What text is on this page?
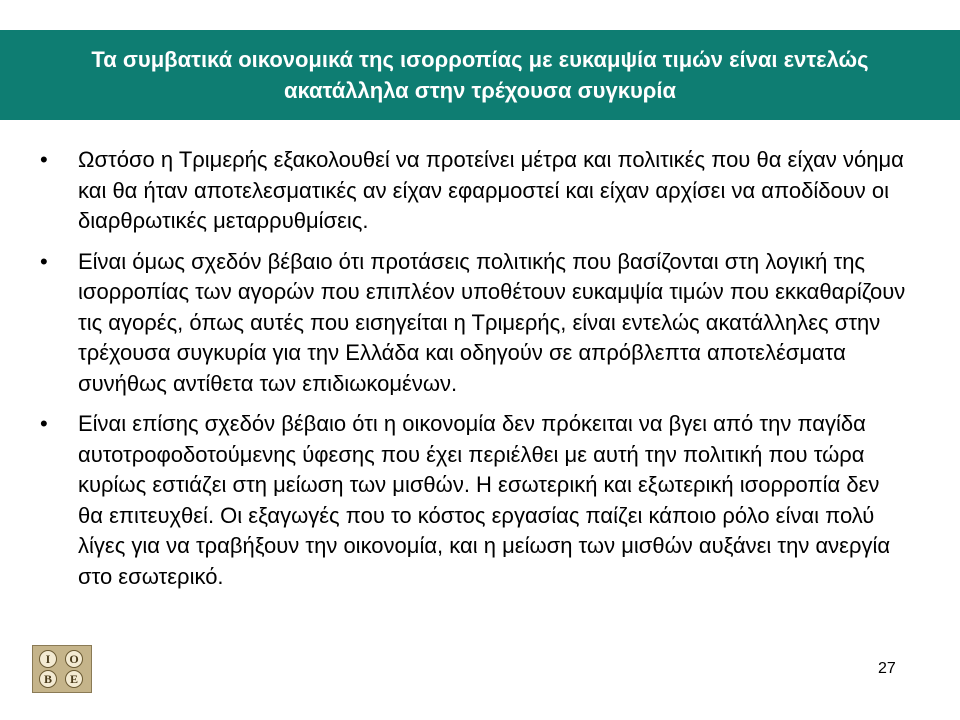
Τα συμβατικά οικονομικά της ισορροπίας με ευκαμψία τιμών είναι εντελώς ακατάλληλα στην τρέχουσα συγκυρία
• Ωστόσο η Τριμερής εξακολουθεί να προτείνει μέτρα και πολιτικές που θα είχαν νόημα και θα ήταν αποτελεσματικές αν είχαν εφαρμοστεί και είχαν αρχίσει να αποδίδουν οι διαρθρωτικές μεταρρυθμίσεις.
• Είναι όμως σχεδόν βέβαιο ότι προτάσεις πολιτικής που βασίζονται στη λογική της ισορροπίας των αγορών που επιπλέον υποθέτουν ευκαμψία τιμών που εκκαθαρίζουν τις αγορές, όπως αυτές που εισηγείται η Τριμερής, είναι εντελώς ακατάλληλες στην τρέχουσα συγκυρία για την Ελλάδα και οδηγούν σε απρόβλεπτα αποτελέσματα συνήθως αντίθετα των επιδιωκομένων.
• Είναι επίσης σχεδόν βέβαιο ότι η οικονομία δεν πρόκειται να βγει από την παγίδα αυτοτροφοδοτούμενης ύφεσης που έχει περιέλθει με αυτή την πολιτική που τώρα κυρίως εστιάζει στη μείωση των μισθών. Η εσωτερική και εξωτερική ισορροπία δεν θα επιτευχθεί. Οι εξαγωγές που το κόστος εργασίας παίζει κάποιο ρόλο είναι πολύ λίγες για να τραβήξουν την οικονομία, και η μείωση των μισθών αυξάνει την ανεργία στο εσωτερικό.
I	O
B	E
27
